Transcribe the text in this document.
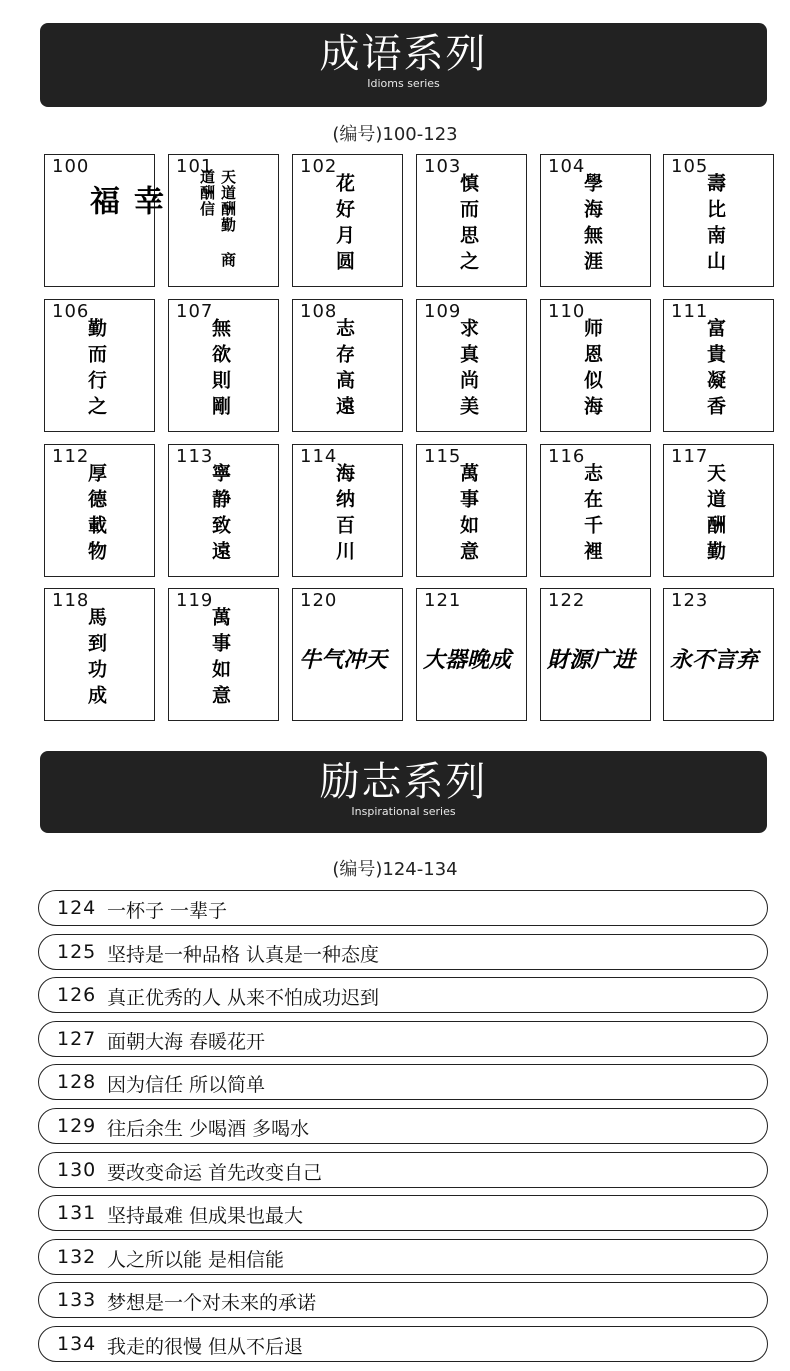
成语系列
Idioms series
(编号)100-123
100
幸福
101
天道酬勤 商道酬信
102
花好月圆
103
慎而思之
104
學海無涯
105
壽比南山
106
勤而行之
107
無欲則剛
108
志存高遠
109
求真尚美
110
师恩似海
111
富貴凝香
112
厚德載物
113
寧静致遠
114
海纳百川
115
萬事如意
116
志在千裡
117
天道酬勤
118
馬到功成
119
萬事如意
120
牛气冲天
121
大器晚成
122
財源广进
123
永不言弃
励志系列
Inspirational series
(编号)124-134
124 一杯子 一辈子
125 坚持是一种品格 认真是一种态度
126 真正优秀的人 从来不怕成功迟到
127 面朝大海 春暖花开
128 因为信任 所以简单
129 往后余生 少喝酒 多喝水
130 要改变命运 首先改变自己
131 坚持最难 但成果也最大
132 人之所以能 是相信能
133 梦想是一个对未来的承诺
134 我走的很慢 但从不后退
